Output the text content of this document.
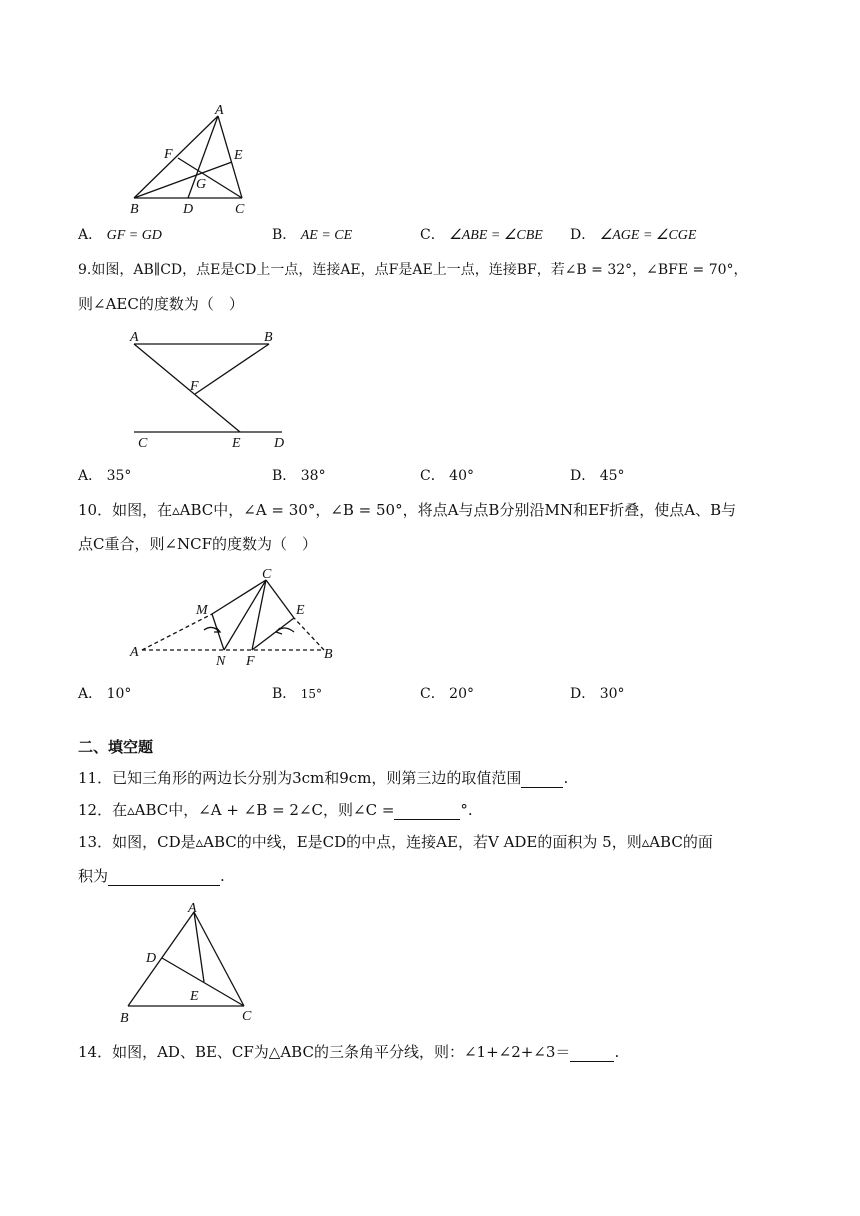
A
B	C
D
E
F
G
A． GF = GD	B． AE = CE	C． ∠ABE = ∠CBE D． ∠AGE = ∠CGE
9.如图，AB∥CD，点E是CD上一点，连接AE，点F是AE上一点，连接BF，若∠B = 32°，∠BFE = 70°，
则∠AEC的度数为（　）
A	B
F
C	E D
A． 35°	B． 38°	C． 40°	D． 45°
10．如图，在▵ABC中，∠A = 30°，∠B = 50°，将点A与点B分别沿MN和EF折叠，使点A、B与
点C重合，则∠NCF的度数为（　）
C
M	E
A
N F	B
A． 10°	B． 15°	C． 20°	D． 30°
二、填空题
11．已知三角形的两边长分别为3cm和9cm，则第三边的取值范围	.
12．在▵ABC中，∠A + ∠B = 2∠C，则∠C =	°.
13．如图，CD是▵ABC的中线，E是CD的中点，连接AE，若V ADE的面积为 5，则▵ABC的面
积为	.
A
D
E
B	C
14．如图，AD、BE、CF为△ABC的三条角平分线，则：∠1+∠2+∠3＝	.
